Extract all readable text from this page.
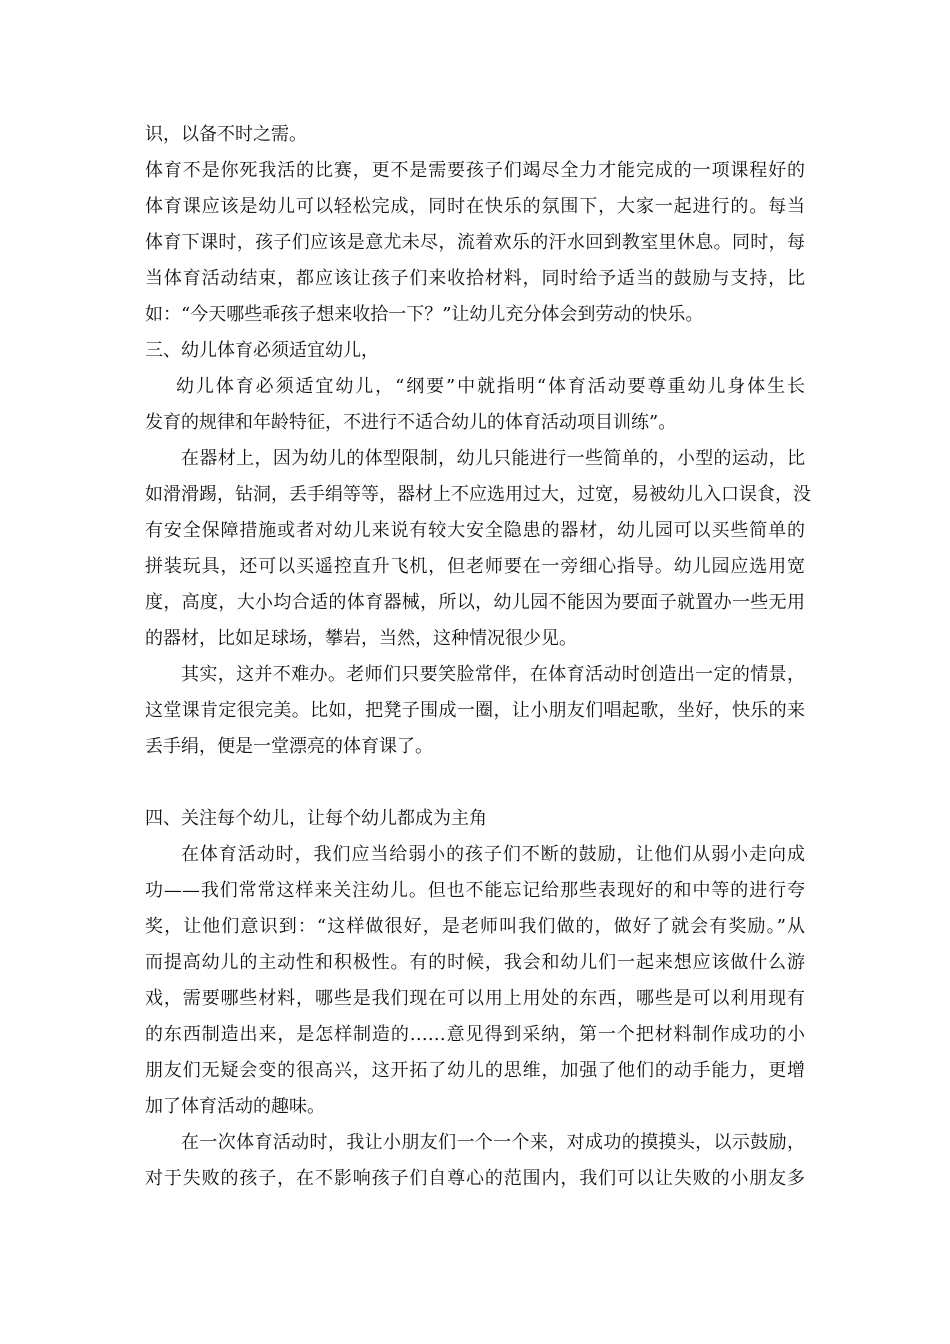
识，以备不时之需。
体育不是你死我活的比赛，更不是需要孩子们竭尽全力才能完成的一项课程好的
体育课应该是幼儿可以轻松完成，同时在快乐的氛围下，大家一起进行的。每当
体育下课时，孩子们应该是意尤未尽，流着欢乐的汗水回到教室里休息。同时，每
当体育活动结束，都应该让孩子们来收拾材料，同时给予适当的鼓励与支持，比
如：“今天哪些乖孩子想来收拾一下？”让幼儿充分体会到劳动的快乐。
三、幼儿体育必须适宜幼儿，
幼儿体育必须适宜幼儿，“纲要”中就指明“体育活动要尊重幼儿身体生长
发育的规律和年龄特征，不进行不适合幼儿的体育活动项目训练”。
在器材上，因为幼儿的体型限制，幼儿只能进行一些简单的，小型的运动，比
如滑滑踢，钻洞，丢手绢等等，器材上不应选用过大，过宽，易被幼儿入口误食，没
有安全保障措施或者对幼儿来说有较大安全隐患的器材，幼儿园可以买些简单的
拼装玩具，还可以买遥控直升飞机，但老师要在一旁细心指导。幼儿园应选用宽
度，高度，大小均合适的体育器械，所以，幼儿园不能因为要面子就置办一些无用
的器材，比如足球场，攀岩，当然，这种情况很少见。
其实，这并不难办。老师们只要笑脸常伴，在体育活动时创造出一定的情景，
这堂课肯定很完美。比如，把凳子围成一圈，让小朋友们唱起歌，坐好，快乐的来
丢手绢，便是一堂漂亮的体育课了。
四、关注每个幼儿，让每个幼儿都成为主角
在体育活动时，我们应当给弱小的孩子们不断的鼓励，让他们从弱小走向成
功——我们常常这样来关注幼儿。但也不能忘记给那些表现好的和中等的进行夸
奖，让他们意识到：“这样做很好，是老师叫我们做的，做好了就会有奖励。”从
而提高幼儿的主动性和积极性。有的时候，我会和幼儿们一起来想应该做什么游
戏，需要哪些材料，哪些是我们现在可以用上用处的东西，哪些是可以利用现有
的东西制造出来，是怎样制造的……意见得到采纳，第一个把材料制作成功的小
朋友们无疑会变的很高兴，这开拓了幼儿的思维，加强了他们的动手能力，更增
加了体育活动的趣味。
在一次体育活动时，我让小朋友们一个一个来，对成功的摸摸头，以示鼓励，
对于失败的孩子，在不影响孩子们自尊心的范围内，我们可以让失败的小朋友多
